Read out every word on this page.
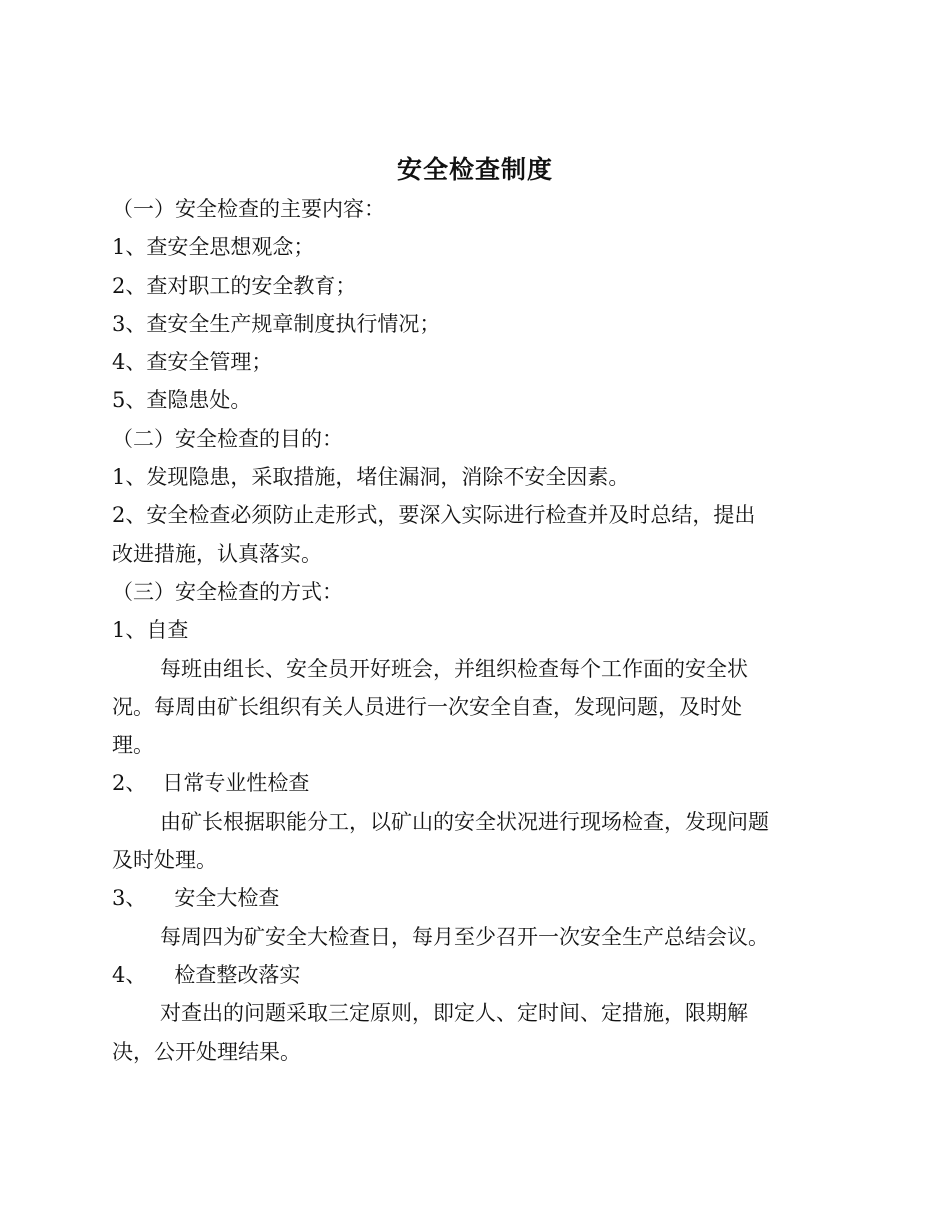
安全检查制度
（一）安全检查的主要内容：
1、查安全思想观念；
2、查对职工的安全教育；
3、查安全生产规章制度执行情况；
4、查安全管理；
5、查隐患处。
（二）安全检查的目的：
1、发现隐患，采取措施，堵住漏洞，消除不安全因素。
2、安全检查必须防止走形式，要深入实际进行检查并及时总结，提出
改进措施，认真落实。
（三）安全检查的方式：
1、自查
每班由组长、安全员开好班会，并组织检查每个工作面的安全状
况。每周由矿长组织有关人员进行一次安全自查，发现问题，及时处
理。
2、 日常专业性检查
由矿长根据职能分工，以矿山的安全状况进行现场检查，发现问题
及时处理。
3、 安全大检查
每周四为矿安全大检查日，每月至少召开一次安全生产总结会议。
4、 检查整改落实
对查出的问题采取三定原则，即定人、定时间、定措施，限期解
决，公开处理结果。
